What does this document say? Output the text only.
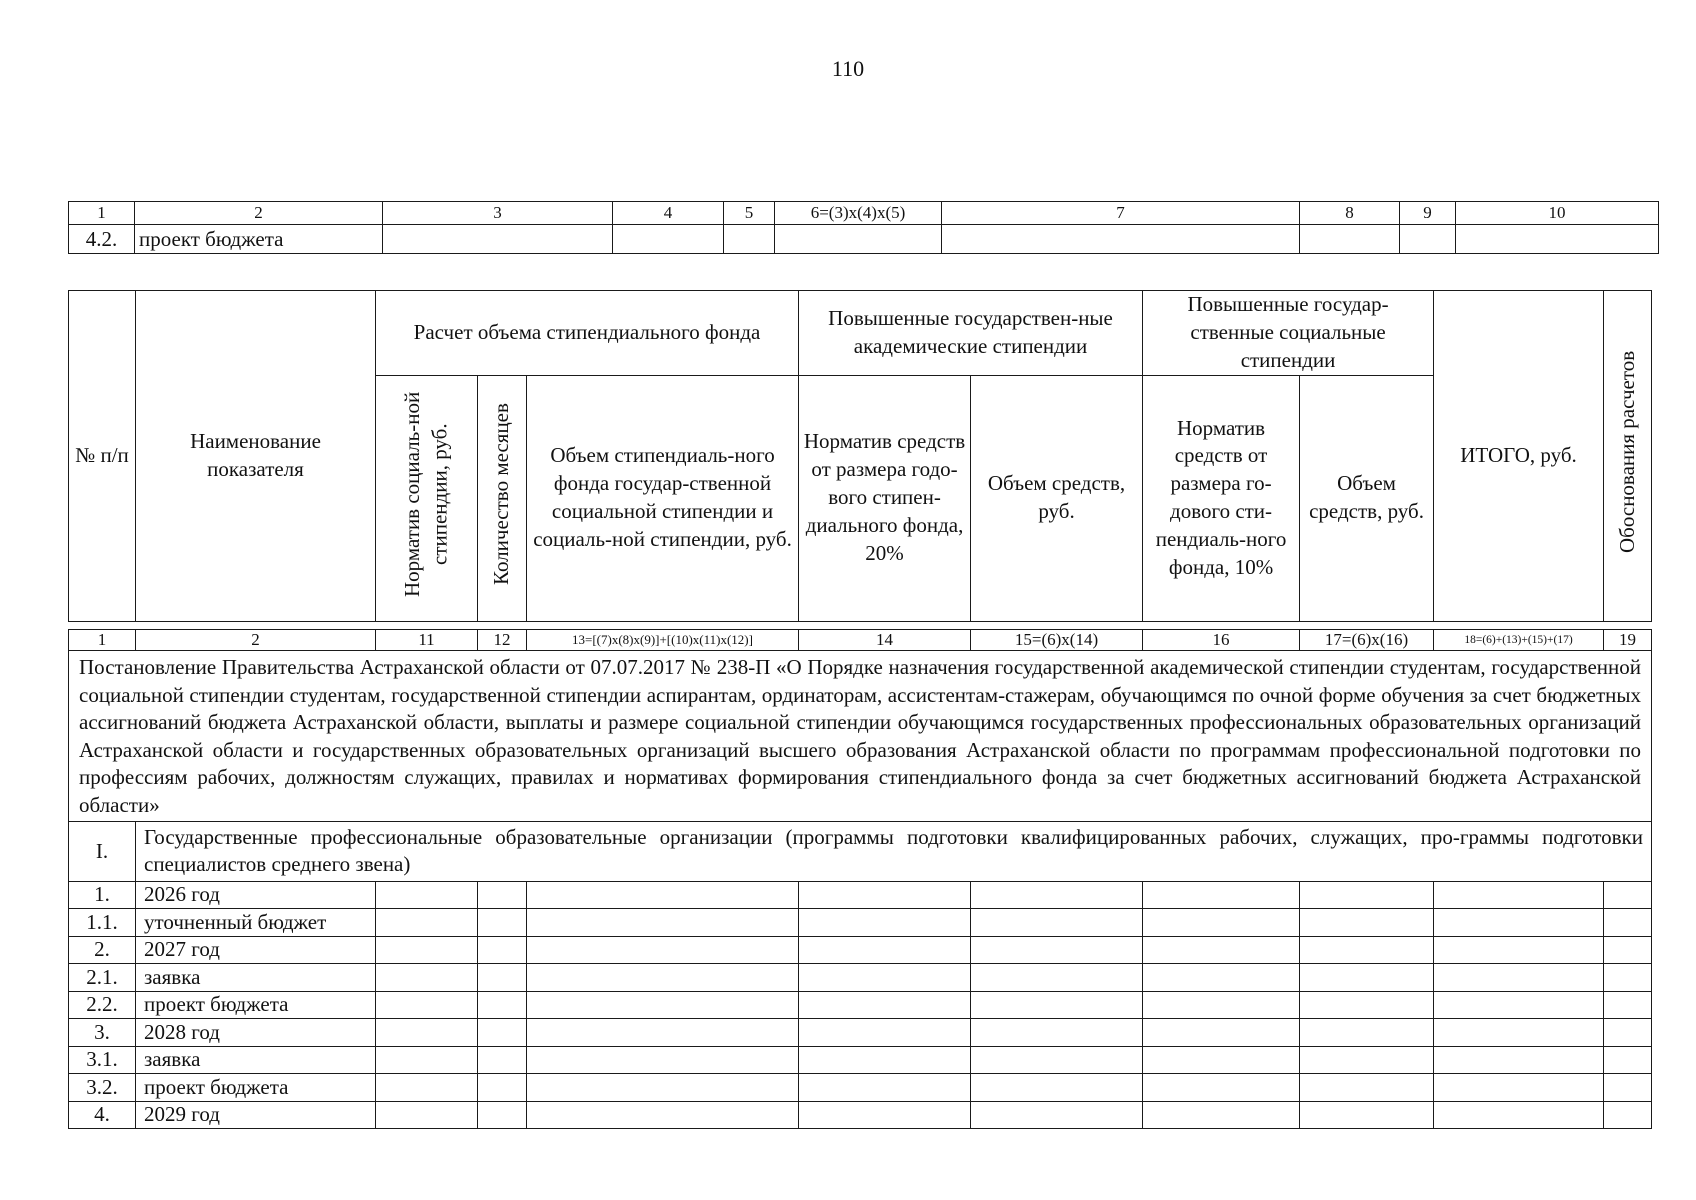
110
1	2	3	4	5	6=(3)x(4)x(5)	7	8	9	10
4.2.	проект бюджета								
№ п/п	Наименование показателя	Расчет объема стипендиального фонда			Повышенные государствен-ные академические стипендии		Повышенные государ-ственные социальные стипендии		ИТОГО, руб.	Обоснования расчетов
		Норматив социаль-ной стипендии, руб.	Количество месяцев	Объем стипендиаль-ного фонда государ-ственной социальной стипендии и социаль-ной стипендии, руб.	Норматив средств от размера годо-вого стипен-диального фонда, 20%	Объем средств, руб.	Норматив средств от размера го-дового сти-пендиаль-ного фонда, 10%	Объем средств, руб.		
1	2	11	12	13=[(7)x(8)x(9)]+[(10)x(11)x(12)]	14	15=(6)x(14)	16	17=(6)x(16)	18=(6)+(13)+(15)+(17)	19
Постановление Правительства Астраханской области от 07.07.2017 № 238-П «О Порядке назначения государственной академической стипендии студентам, государственной социальной стипендии студентам, государственной стипендии аспирантам, ординаторам, ассистентам-стажерам, обучающимся по очной форме обучения за счет бюджетных ассигнований бюджета Астраханской области, выплаты и размере социальной стипендии обучающимся государственных профессиональных образовательных организаций Астраханской области и государственных образовательных организаций высшего образования Астраханской области по программам профессиональной подготовки по профессиям рабочих, должностям служащих, правилах и нормативах формирования стипендиального фонда за счет бюджетных ассигнований бюджета Астраханской области»										
I.	Государственные профессиональные образовательные организации (программы подготовки квалифицированных рабочих, служащих, про-граммы подготовки специалистов среднего звена)									
1.	2026 год									
1.1.	уточненный бюджет									
2.	2027 год									
2.1.	заявка									
2.2.	проект бюджета									
3.	2028 год									
3.1.	заявка									
3.2.	проект бюджета									
4.	2029 год									
